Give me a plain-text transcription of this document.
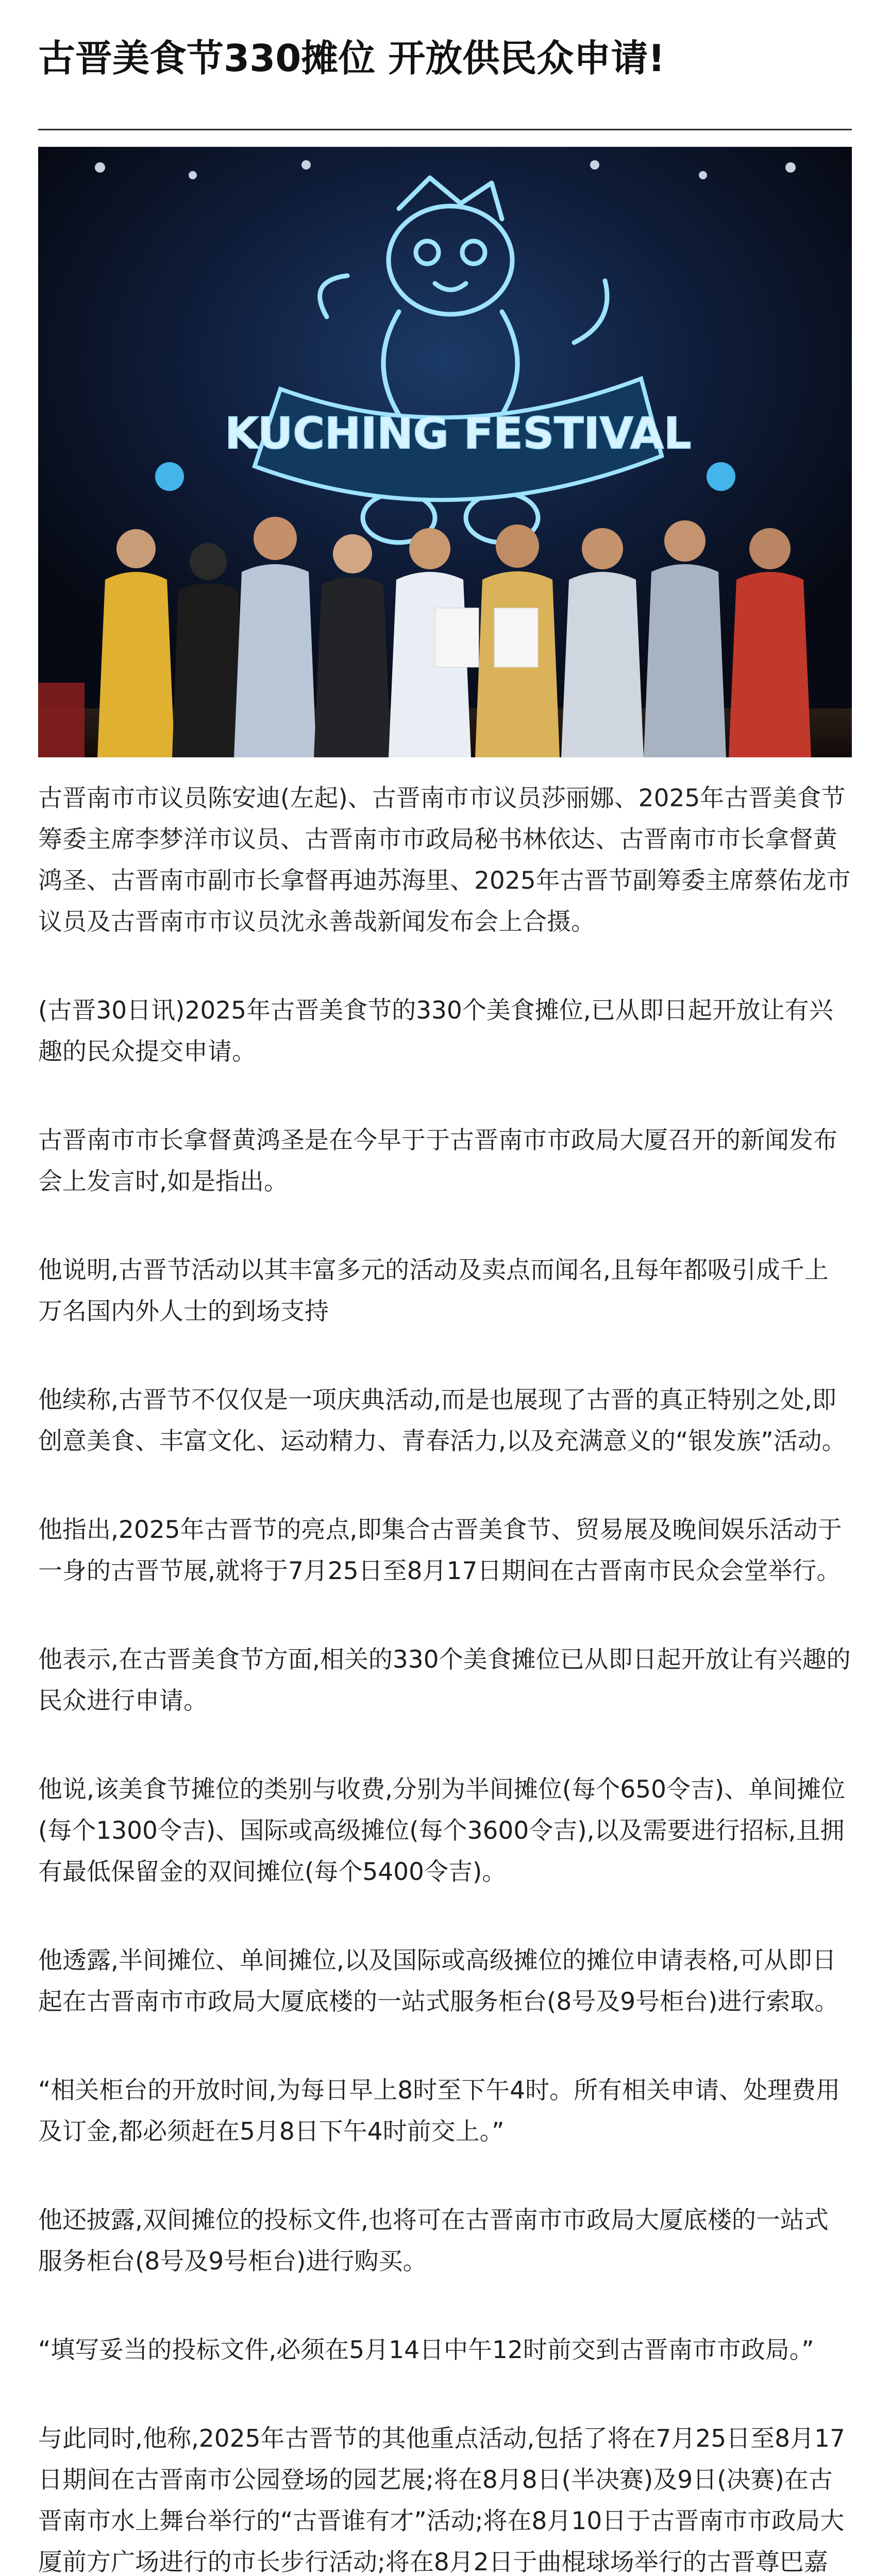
古晋美食节330摊位 开放供民众申请!
KUCHING FESTIVAL

古晋南市市议员陈安迪(左起)、古晋南市市议员莎丽娜、2025年古晋美食节筹委主席李梦洋市议员、古晋南市市政局秘书林依达、古晋南市市长拿督黄鸿圣、古晋南市副市长拿督再迪苏海里、2025年古晋节副筹委主席蔡佑龙市议员及古晋南市市议员沈永善哉新闻发布会上合摄。

(古晋30日讯)2025年古晋美食节的330个美食摊位,已从即日起开放让有兴趣的民众提交申请。

古晋南市市长拿督黄鸿圣是在今早于于古晋南市市政局大厦召开的新闻发布会上发言时,如是指出。

他说明,古晋节活动以其丰富多元的活动及卖点而闻名,且每年都吸引成千上万名国内外人士的到场支持

他续称,古晋节不仅仅是一项庆典活动,而是也展现了古晋的真正特别之处,即创意美食、丰富文化、运动精力、青春活力,以及充满意义的“银发族”活动。

他指出,2025年古晋节的亮点,即集合古晋美食节、贸易展及晚间娱乐活动于一身的古晋节展,就将于7月25日至8月17日期间在古晋南市民众会堂举行。

他表示,在古晋美食节方面,相关的330个美食摊位已从即日起开放让有兴趣的民众进行申请。

他说,该美食节摊位的类别与收费,分别为半间摊位(每个650令吉)、单间摊位(每个1300令吉)、国际或高级摊位(每个3600令吉),以及需要进行招标,且拥有最低保留金的双间摊位(每个5400令吉)。

他透露,半间摊位、单间摊位,以及国际或高级摊位的摊位申请表格,可从即日起在古晋南市市政局大厦底楼的一站式服务柜台(8号及9号柜台)进行索取。

“相关柜台的开放时间,为每日早上8时至下午4时。所有相关申请、处理费用及订金,都必须赶在5月8日下午4时前交上。”

他还披露,双间摊位的投标文件,也将可在古晋南市市政局大厦底楼的一站式服务柜台(8号及9号柜台)进行购买。

“填写妥当的投标文件,必须在5月14日中午12时前交到古晋南市市政局。”

与此同时,他称,2025年古晋节的其他重点活动,包括了将在7月25日至8月17日期间在古晋南市公园登场的园艺展;将在8月8日(半决赛)及9日(决赛)在古晋南市水上舞台举行的“古晋谁有才”活动;将在8月10日于古晋南市市政局大厦前方广场进行的市长步行活动;将在8月2日于曲棍球场举行的古晋尊巴嘉
